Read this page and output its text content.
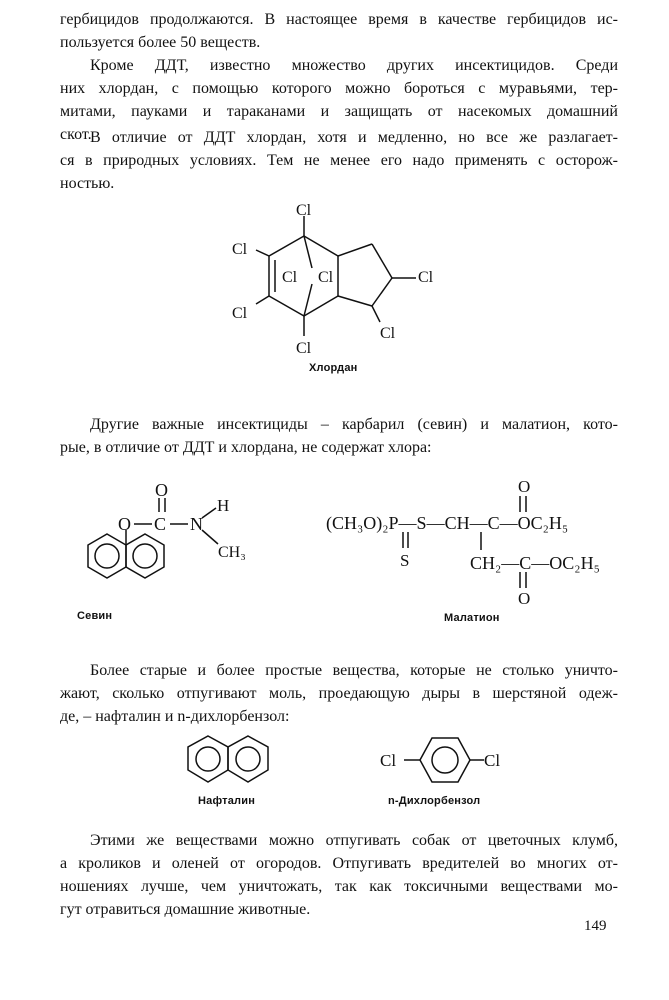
гербицидов продолжаются. В настоящее время в качестве гербицидов ис-
пользуется более 50 веществ.
Кроме ДДТ, известно множество других инсектицидов. Среди
них хлордан, с помощью которого можно бороться с муравьями, тер-
митами, пауками и тараканами и защищать от насекомых домашний
скот.
В отличие от ДДТ хлордан, хотя и медленно, но все же разлагает-
ся в природных условиях. Тем не менее его надо применять с осторож-
ностью.
Cl
Cl
Cl
Cl
Cl Cl	Cl
Cl
Хлордан
Другие важные инсектициды – карбарил (севин) и малатион, кото-
рые, в отличие от ДДТ и хлордана, не содержат хлора:
O C
O
N
H
CH₃
Севин
O
(CH₃O)₂P—S—CH—C—OC₂H₅
S	CH₂—C—OC₂H₅
O
Малатион
Более старые и более простые вещества, которые не столько уничто-
жают, сколько отпугивают моль, проедающую дыры в шерстяной одеж-
де, – нафталин и n-дихлорбензол:
Нафталин
Cl	Cl
n-Дихлорбензол
Этими же веществами можно отпугивать собак от цветочных клумб,
а кроликов и оленей от огородов. Отпугивать вредителей во многих от-
ношениях лучше, чем уничтожать, так как токсичными веществами мо-
гут отравиться домашние животные.
149
